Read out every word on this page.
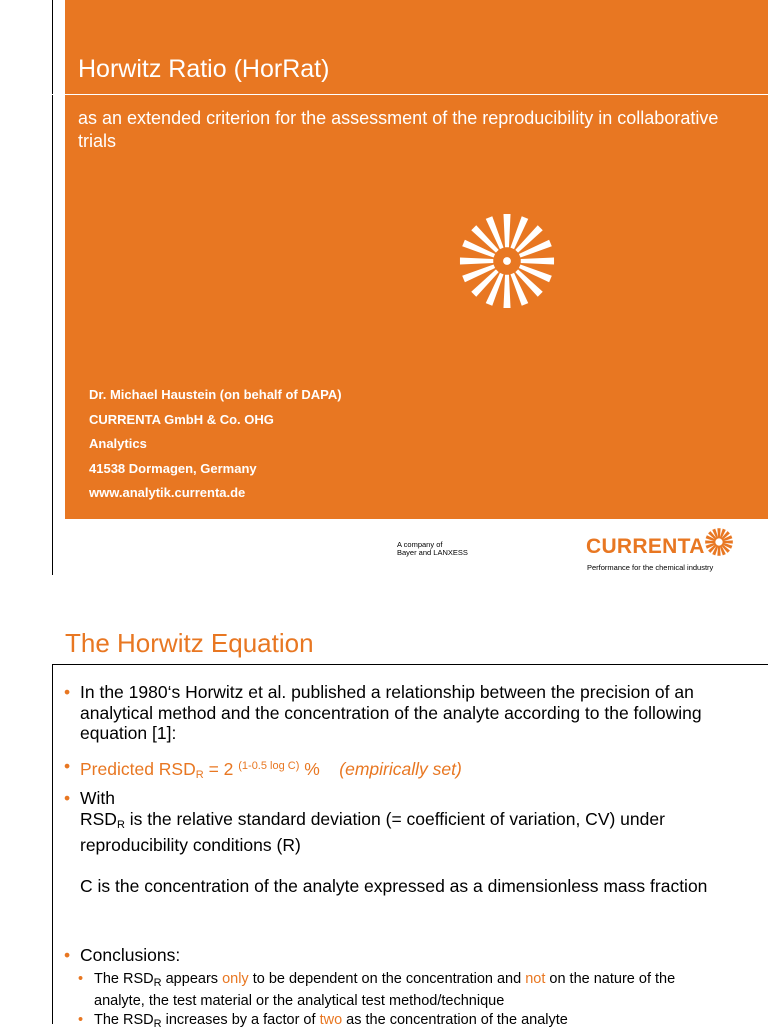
Horwitz Ratio (HorRat)
as an extended criterion for the assessment of the reproducibility in collaborative trials
Dr. Michael Haustein (on behalf of DAPA)
CURRENTA GmbH & Co. OHG
Analytics
41538 Dormagen, Germany
www.analytik.currenta.de
A company of
Bayer and LANXESS	CURRENTA
Performance for the chemical industry
The Horwitz Equation
• In the 1980‘s Horwitz et al. published a relationship between the precision of an analytical method and the concentration of the analyte according to the following equation [1]:
• Predicted $RSD_R = 2$ $^{(1-0.5 log C)}$ % (empirically set)
• With
$RSD_R$ is the relative standard deviation (= coefficient of variation, CV) under reproducibility conditions (R)

C is the concentration of the analyte expressed as a dimensionless mass fraction
• Conclusions:
• The $RSD_R$ appears only to be dependent on the concentration and not on the nature of the analyte, the test material or the analytical test method/technique
• The $RSD_R$ increases by a factor of two as the concentration of the analyte
